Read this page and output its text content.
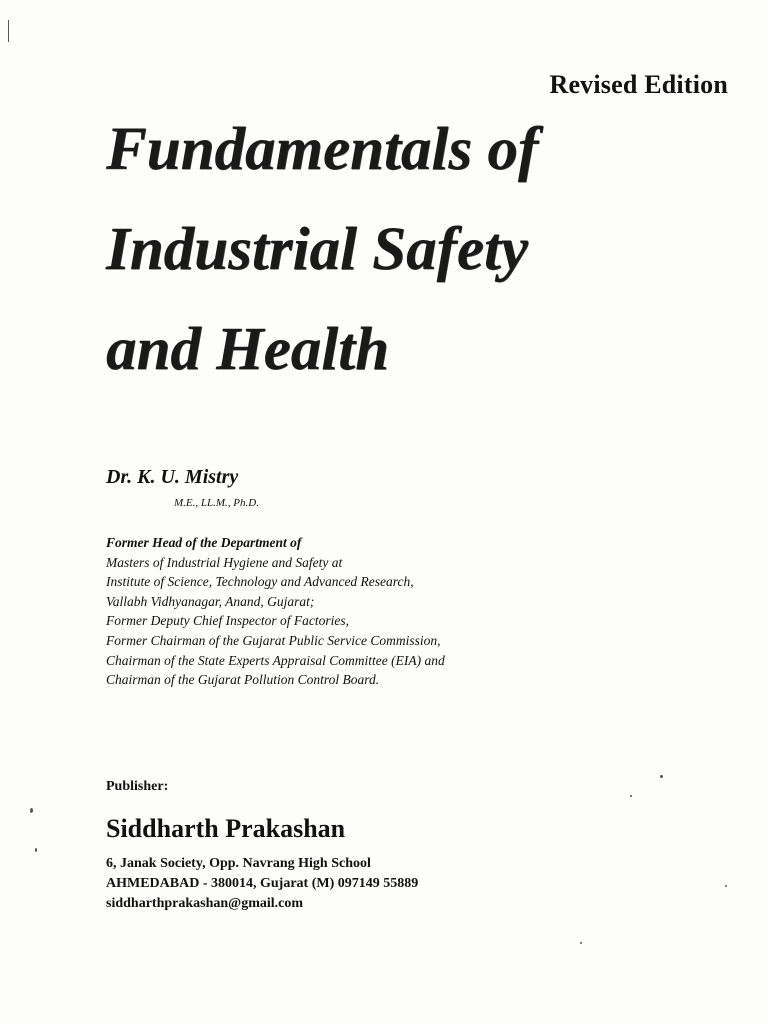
Revised Edition
Fundamentals of
Industrial Safety
and Health
Dr. K. U. Mistry
M.E., LL.M., Ph.D.
Former Head of the Department of
Masters of Industrial Hygiene and Safety at
Institute of Science, Technology and Advanced Research,
Vallabh Vidhyanagar, Anand, Gujarat;
Former Deputy Chief Inspector of Factories,
Former Chairman of the Gujarat Public Service Commission,
Chairman of the State Experts Appraisal Committee (EIA) and
Chairman of the Gujarat Pollution Control Board.
Publisher:
Siddharth Prakashan
6, Janak Society, Opp. Navrang High School
AHMEDABAD - 380014, Gujarat (M) 097149 55889
siddharthprakashan@gmail.com
